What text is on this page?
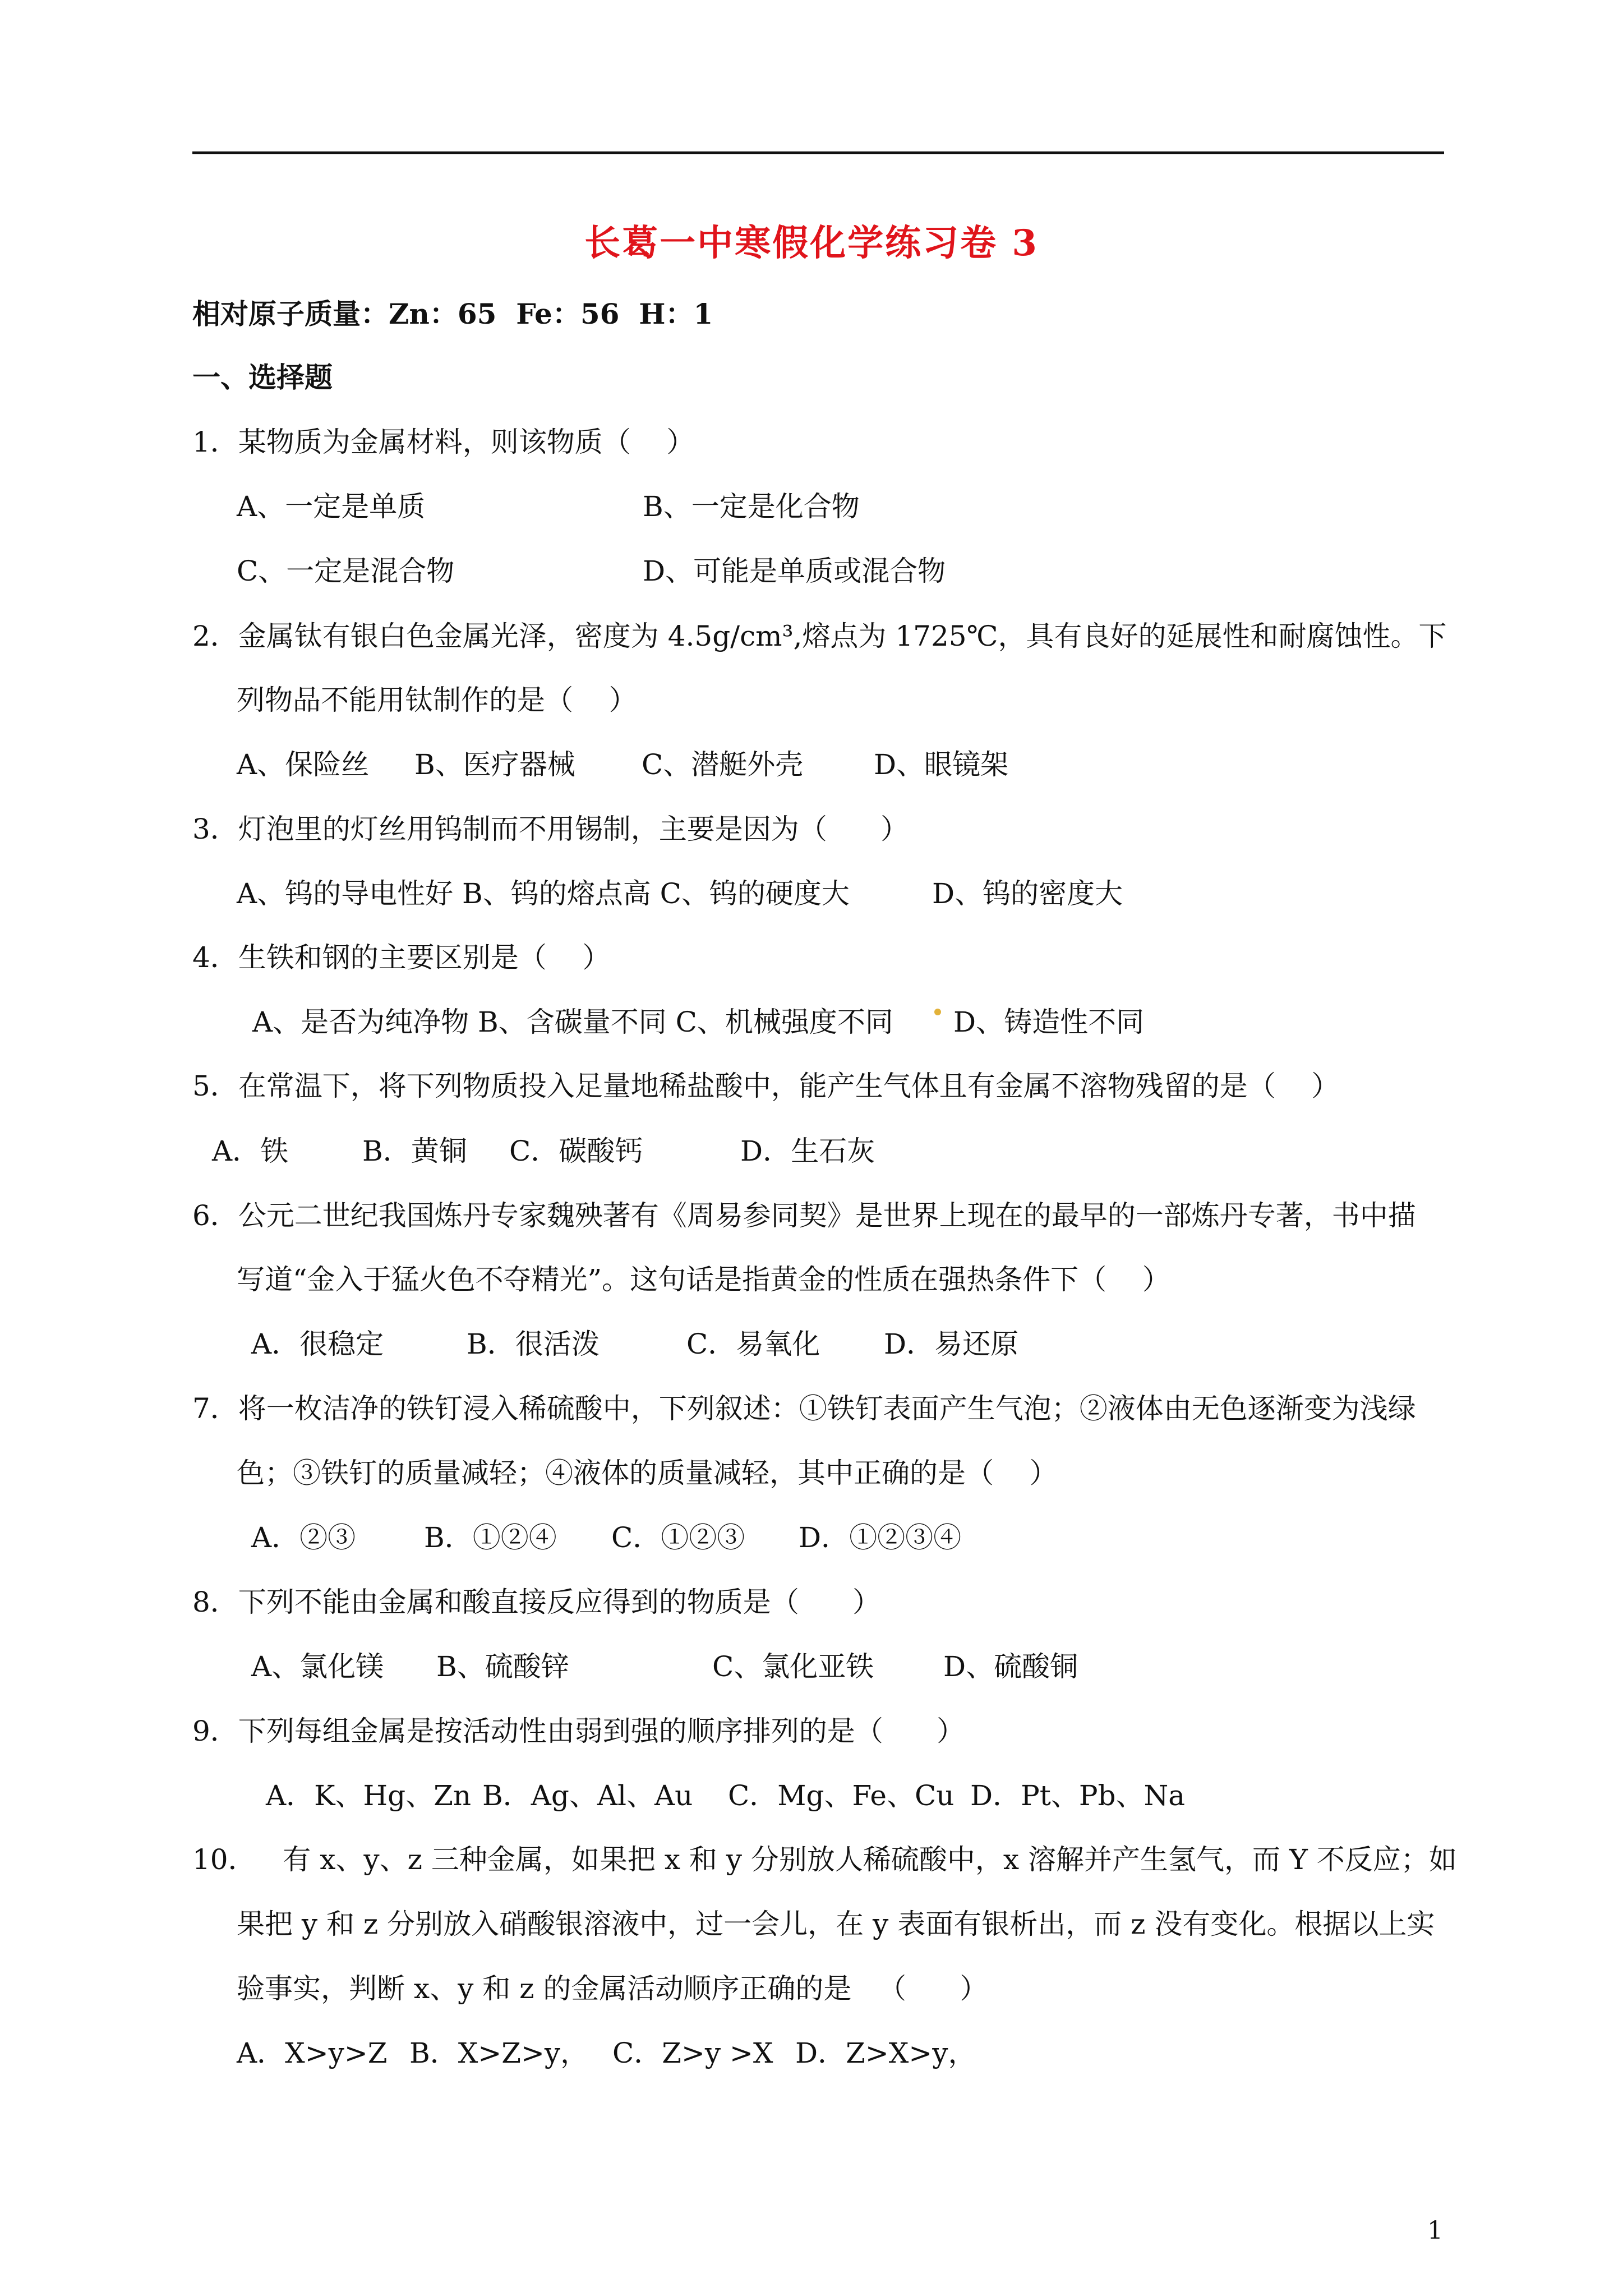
长葛一中寒假化学练习卷 3
相对原子质量：Zn：65  Fe：56  H：1
一、选择题
1．某物质为金属材料，则该物质（    ）
A、一定是单质	B、一定是化合物
C、一定是混合物	D、可能是单质或混合物
2．金属钛有银白色金属光泽，密度为 4.5g/cm³,熔点为 1725℃，具有良好的延展性和耐腐蚀性。下
列物品不能用钛制作的是（    ）
A、保险丝 B、医疗器械 C、潜艇外壳	D、眼镜架
3．灯泡里的灯丝用钨制而不用锡制，主要是因为（      ）
A、钨的导电性好 B、钨的熔点高 C、钨的硬度大	D、钨的密度大
4．生铁和钢的主要区别是（    ）
A、是否为纯净物 B、含碳量不同 C、机械强度不同 D、铸造性不同
5．在常温下，将下列物质投入足量地稀盐酸中，能产生气体且有金属不溶物残留的是（    ）
A．铁	B．黄铜 C．碳酸钙	D．生石灰
6．公元二世纪我国炼丹专家魏殃著有《周易参同契》是世界上现在的最早的一部炼丹专著，书中描
写道“金入于猛火色不夺精光”。这句话是指黄金的性质在强热条件下（    ）
A．很稳定	B．很活泼	C．易氧化 D．易还原
7．将一枚洁净的铁钉浸入稀硫酸中，下列叙述：①铁钉表面产生气泡；②液体由无色逐渐变为浅绿
色；③铁钉的质量减轻；④液体的质量减轻，其中正确的是（    ）
A．②③ B．①②④ C．①②③ D．①②③④
8．下列不能由金属和酸直接反应得到的物质是（      ）
A、氯化镁 B、硫酸锌	C、氯化亚铁 D、硫酸铜
9．下列每组金属是按活动性由弱到强的顺序排列的是（      ）
A．K、Hg、Zn B．Ag、Al、Au C．Mg、Fe、Cu D．Pt、Pb、Na
10．   有 x、y、z 三种金属，如果把 x 和 y 分别放人稀硫酸中，x 溶解并产生氢气，而 Y 不反应；如
果把 y 和 z 分别放入硝酸银溶液中，过一会儿，在 y 表面有银析出，而 z 没有变化。根据以上实
验事实，判断 x、y 和 z 的金属活动顺序正确的是   （      ）
A．X>y>Z B．X>Z>y， C．Z>y >X D．Z>X>y，
1
